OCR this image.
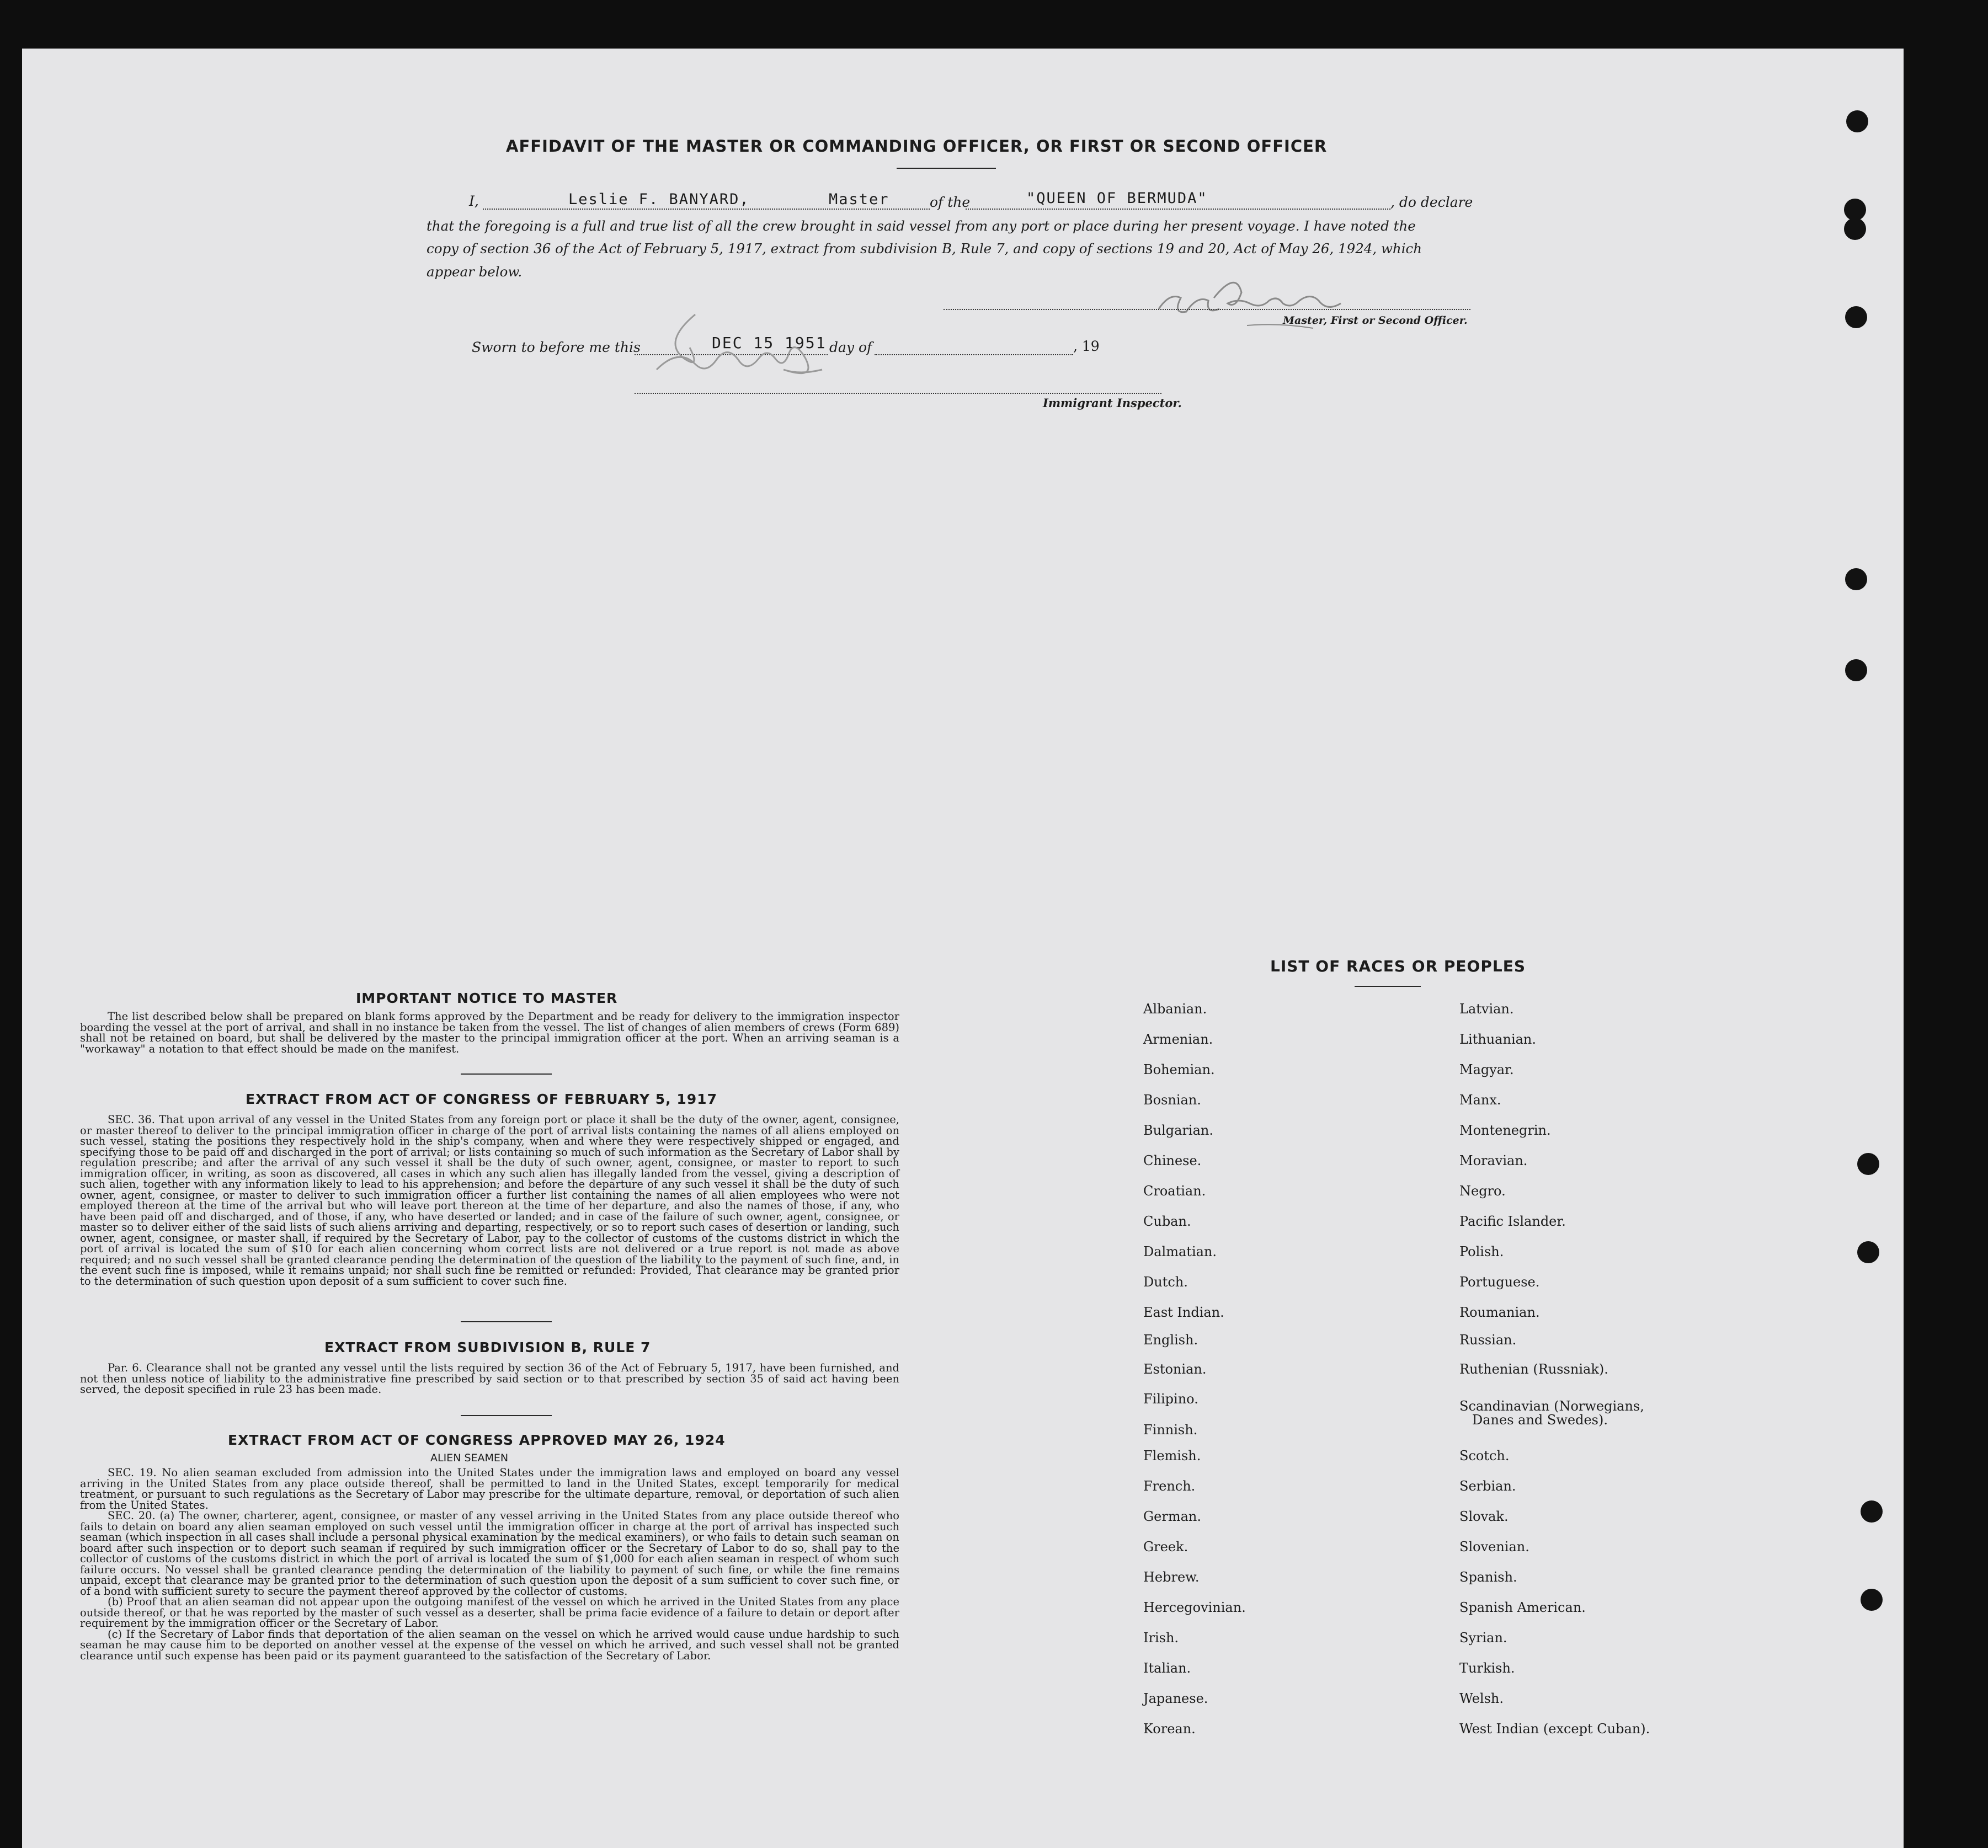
AFFIDAVIT OF THE MASTER OR COMMANDING OFFICER, OR FIRST OR SECOND OFFICER
I,	Leslie F. BANYARD,	Master	of the	"QUEEN OF BERMUDA"	, do declare
that the foregoing is a full and true list of all the crew brought in said vessel from any port or place during her present voyage. I have noted the
copy of section 36 of the Act of February 5, 1917, extract from subdivision B, Rule 7, and copy of sections 19 and 20, Act of May 26, 1924, which
appear below.
Master, First or Second Officer.
Sworn to before me this	DEC 15 1951 day of	, 19
Immigrant Inspector.
IMPORTANT NOTICE TO MASTER

The list described below shall be prepared on blank forms approved by the Department and be ready for delivery to the immigration inspector boarding the vessel at the port of arrival, and shall in no instance be taken from the vessel. The list of changes of alien members of crews (Form 689) shall not be retained on board, but shall be delivered by the master to the principal immigration officer at the port. When an arriving seaman is a "workaway" a notation to that effect should be made on the manifest.

EXTRACT FROM ACT OF CONGRESS OF FEBRUARY 5, 1917

SEC. 36. That upon arrival of any vessel in the United States from any foreign port or place it shall be the duty of the owner, agent, consignee, or master thereof to deliver to the principal immigration officer in charge of the port of arrival lists containing the names of all aliens employed on such vessel, stating the positions they respectively hold in the ship's company, when and where they were respectively shipped or engaged, and specifying those to be paid off and discharged in the port of arrival; or lists containing so much of such information as the Secretary of Labor shall by regulation prescribe; and after the arrival of any such vessel it shall be the duty of such owner, agent, consignee, or master to report to such immigration officer, in writing, as soon as discovered, all cases in which any such alien has illegally landed from the vessel, giving a description of such alien, together with any information likely to lead to his apprehension; and before the departure of any such vessel it shall be the duty of such owner, agent, consignee, or master to deliver to such immigration officer a further list containing the names of all alien employees who were not employed thereon at the time of the arrival but who will leave port thereon at the time of her departure, and also the names of those, if any, who have been paid off and discharged, and of those, if any, who have deserted or landed; and in case of the failure of such owner, agent, consignee, or master so to deliver either of the said lists of such aliens arriving and departing, respectively, or so to report such cases of desertion or landing, such owner, agent, consignee, or master shall, if required by the Secretary of Labor, pay to the collector of customs of the customs district in which the port of arrival is located the sum of $10 for each alien concerning whom correct lists are not delivered or a true report is not made as above required; and no such vessel shall be granted clearance pending the determination of the question of the liability to the payment of such fine, and, in the event such fine is imposed, while it remains unpaid; nor shall such fine be remitted or refunded: Provided, That clearance may be granted prior to the determination of such question upon deposit of a sum sufficient to cover such fine.

EXTRACT FROM SUBDIVISION B, RULE 7

Par. 6. Clearance shall not be granted any vessel until the lists required by section 36 of the Act of February 5, 1917, have been furnished, and not then unless notice of liability to the administrative fine prescribed by said section or to that prescribed by section 35 of said act having been served, the deposit specified in rule 23 has been made.

EXTRACT FROM ACT OF CONGRESS APPROVED MAY 26, 1924
ALIEN SEAMEN

SEC. 19. No alien seaman excluded from admission into the United States under the immigration laws and employed on board any vessel arriving in the United States from any place outside thereof, shall be permitted to land in the United States, except temporarily for medical treatment, or pursuant to such regulations as the Secretary of Labor may prescribe for the ultimate departure, removal, or deportation of such alien from the United States.

SEC. 20. (a) The owner, charterer, agent, consignee, or master of any vessel arriving in the United States from any place outside thereof who fails to detain on board any alien seaman employed on such vessel until the immigration officer in charge at the port of arrival has inspected such seaman (which inspection in all cases shall include a personal physical examination by the medical examiners), or who fails to detain such seaman on board after such inspection or to deport such seaman if required by such immigration officer or the Secretary of Labor to do so, shall pay to the collector of customs of the customs district in which the port of arrival is located the sum of $1,000 for each alien seaman in respect of whom such failure occurs. No vessel shall be granted clearance pending the determination of the liability to payment of such fine, or while the fine remains unpaid, except that clearance may be granted prior to the determination of such question upon the deposit of a sum sufficient to cover such fine, or of a bond with sufficient surety to secure the payment thereof approved by the collector of customs.

(b) Proof that an alien seaman did not appear upon the outgoing manifest of the vessel on which he arrived in the United States from any place outside thereof, or that he was reported by the master of such vessel as a deserter, shall be prima facie evidence of a failure to detain or deport after requirement by the immigration officer or the Secretary of Labor.

(c) If the Secretary of Labor finds that deportation of the alien seaman on the vessel on which he arrived would cause undue hardship to such seaman he may cause him to be deported on another vessel at the expense of the vessel on which he arrived, and such vessel shall not be granted clearance until such expense has been paid or its payment guaranteed to the satisfaction of the Secretary of Labor.

LIST OF RACES OR PEOPLES
Albanian.
Armenian.
Bohemian.
Bosnian.
Bulgarian.
Chinese.
Croatian.
Cuban.
Dalmatian.
Dutch.
East Indian.
English.
Estonian.
Filipino.
Finnish.
Flemish.
French.
German.
Greek.
Hebrew.
Hercegovinian.
Irish.
Italian.
Japanese.
Korean.
Latvian.
Lithuanian.
Magyar.
Manx.
Montenegrin.
Moravian.
Negro.
Pacific Islander.
Polish.
Portuguese.
Roumanian.
Russian.
Ruthenian (Russniak).
Scandinavian (Norwegians,
Danes and Swedes).
Scotch.
Serbian.
Slovak.
Slovenian.
Spanish.
Spanish American.
Syrian.
Turkish.
Welsh.
West Indian (except Cuban).
